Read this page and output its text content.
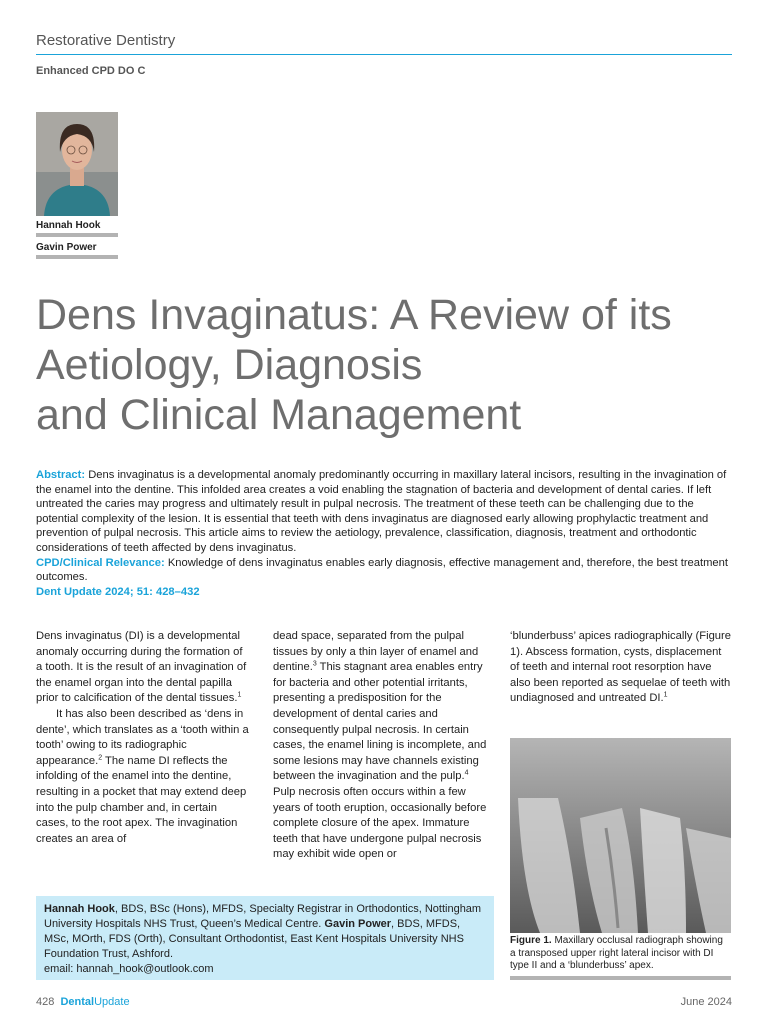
Restorative Dentistry
Enhanced CPD DO C
Hannah Hook
Gavin Power
Dens Invaginatus: A Review of its
Aetiology, Diagnosis
and Clinical Management

Abstract: Dens invaginatus is a developmental anomaly predominantly occurring in maxillary lateral incisors, resulting in the invagination of the enamel into the dentine. This infolded area creates a void enabling the stagnation of bacteria and development of dental caries. If left untreated the caries may progress and ultimately result in pulpal necrosis. The treatment of these teeth can be challenging due to the potential complexity of the lesion. It is essential that teeth with dens invaginatus are diagnosed early allowing prophylactic treatment and prevention of pulpal necrosis. This article aims to review the aetiology, prevalence, classification, diagnosis, treatment and orthodontic considerations of teeth affected by dens invaginatus.

CPD/Clinical Relevance: Knowledge of dens invaginatus enables early diagnosis, effective management and, therefore, the best treatment outcomes.

Dent Update 2024; 51: 428–432

Dens invaginatus (DI) is a developmental anomaly occurring during the formation of a tooth. It is the result of an invagination of the enamel organ into the dental papilla prior to calcification of the dental tissues.$^1$

It has also been described as ‘dens in dente’, which translates as a ‘tooth within a tooth’ owing to its radiographic appearance.$^2$ The name DI reflects the infolding of the enamel into the dentine, resulting in a pocket that may extend deep into the pulp chamber and, in certain cases, to the root apex. The invagination creates an area of

dead space, separated from the pulpal tissues by only a thin layer of enamel and dentine.$^3$ This stagnant area enables entry for bacteria and other potential irritants, presenting a predisposition for the development of dental caries and consequently pulpal necrosis. In certain cases, the enamel lining is incomplete, and some lesions may have channels existing between the invagination and the pulp.$^4$ Pulp necrosis often occurs within a few years of tooth eruption, occasionally before complete closure of the apex. Immature teeth that have undergone pulpal necrosis may exhibit wide open or

‘blunderbuss’ apices radiographically (Figure 1). Abscess formation, cysts, displacement of teeth and internal root resorption have also been reported as sequelae of teeth with undiagnosed and untreated DI.$^1$

Figure 1. Maxillary occlusal radiograph showing a transposed upper right lateral incisor with DI type II and a ‘blunderbuss’ apex.

Hannah Hook, BDS, BSc (Hons), MFDS, Specialty Registrar in Orthodontics, Nottingham University Hospitals NHS Trust, Queen’s Medical Centre. Gavin Power, BDS, MFDS, MSc, MOrth, FDS (Orth), Consultant Orthodontist, East Kent Hospitals University NHS Foundation Trust, Ashford.

email: hannah_hook@outlook.com

428 DentalUpdate	June 2024
